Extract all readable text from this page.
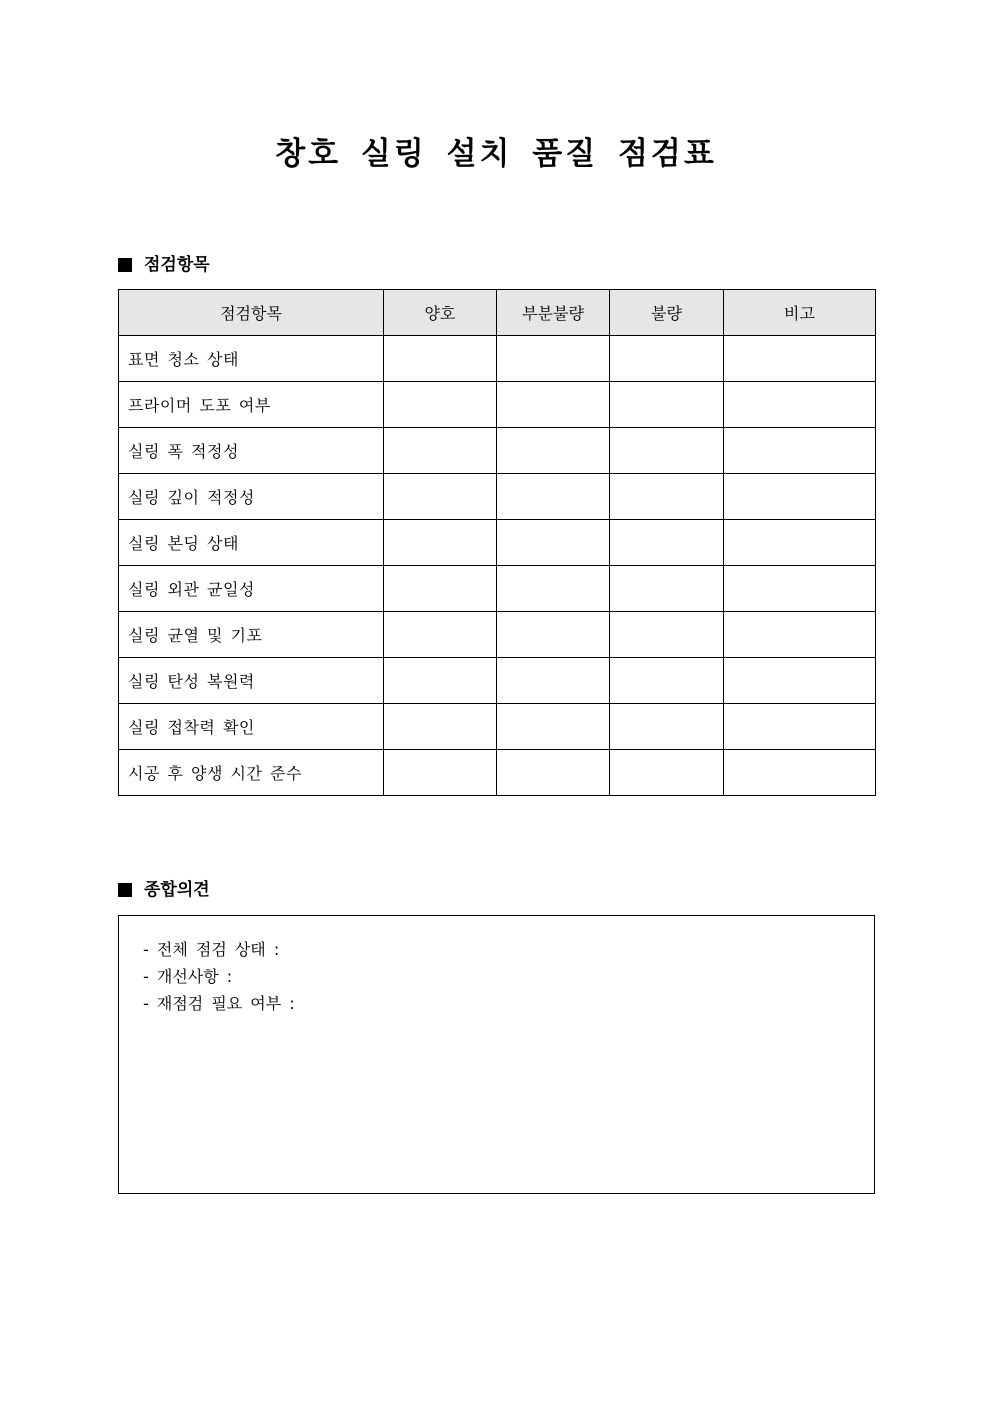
창호 실링 설치 품질 점검표
점검항목
점검항목	양호	부분불량	불량	비고
표면 청소 상태				
프라이머 도포 여부				
실링 폭 적정성				
실링 깊이 적정성				
실링 본딩 상태				
실링 외관 균일성				
실링 균열 및 기포				
실링 탄성 복원력				
실링 접착력 확인				
시공 후 양생 시간 준수				
종합의견
- 전체 점검 상태 :
- 개선사항 :
- 재점검 필요 여부 :
